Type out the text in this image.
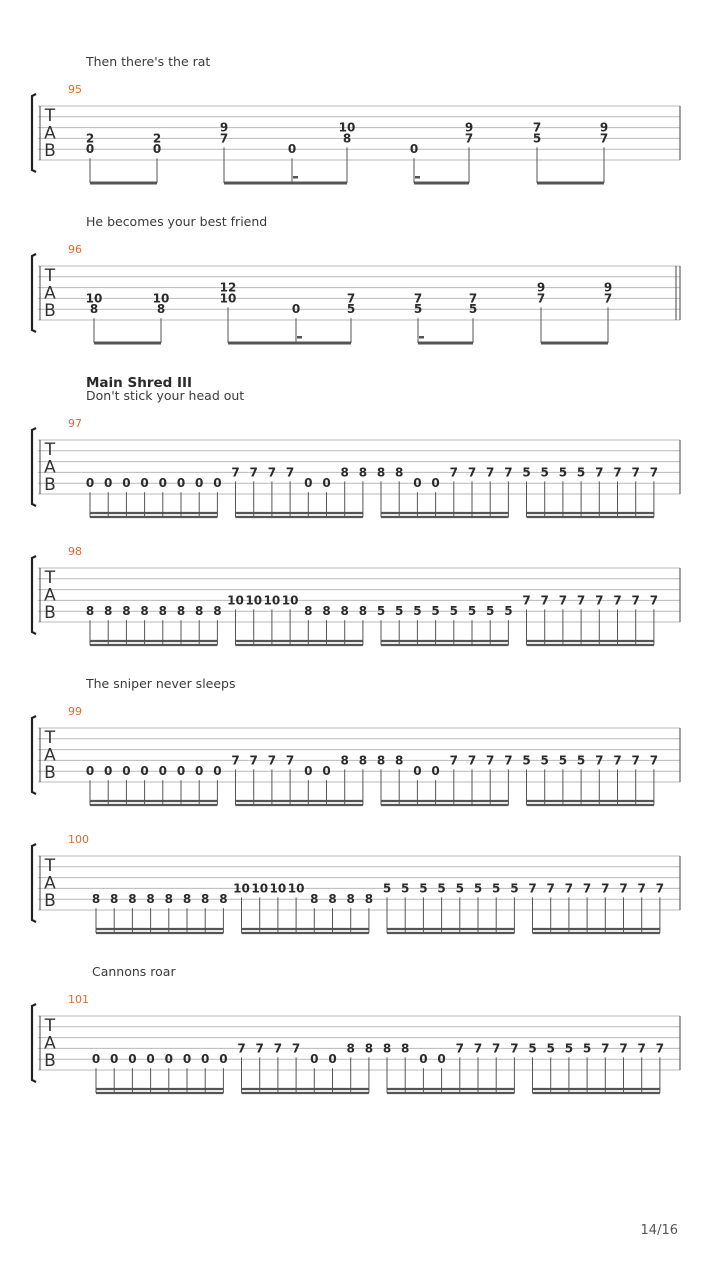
Then there's the rat
95
T
A
B
2
0
2
0
9
7
0
10
8
0
9
7
7
5
9
7
He becomes your best friend
96
T
A
B
10
8
10
8
12
10
0
7
5
7
5
7
5
9
7
9
7
Main Shred III
Don't stick your head out
97
T
A
B 0 0 0 0 0 0 0 0
7 7 7 7
0 0
8 8 8 8
0 0
7 7 7 7 5 5 5 5 7 7 7 7
98
T
A
B 8 8 8 8 8 8 8 8
10 10 10 10
8 8 8 8 5 5 5 5 5 5 5 5
7 7 7 7 7 7 7 7
The sniper never sleeps
99
T
A
B 0 0 0 0 0 0 0 0
7 7 7 7
0 0
8 8 8 8
0 0
7 7 7 7 5 5 5 5 7 7 7 7
100
T
A
B	8 8 8 8 8 8 8 8
10 10 10 10
8 8 8 8
5 5 5 5 5 5 5 5 7 7 7 7 7 7 7 7
Cannons roar
101
T
A
B	0 0 0 0 0 0 0 0
7 7 7 7
0 0
8 8 8 8
0 0
7 7 7 7 5 5 5 5 7 7 7 7
14/16
